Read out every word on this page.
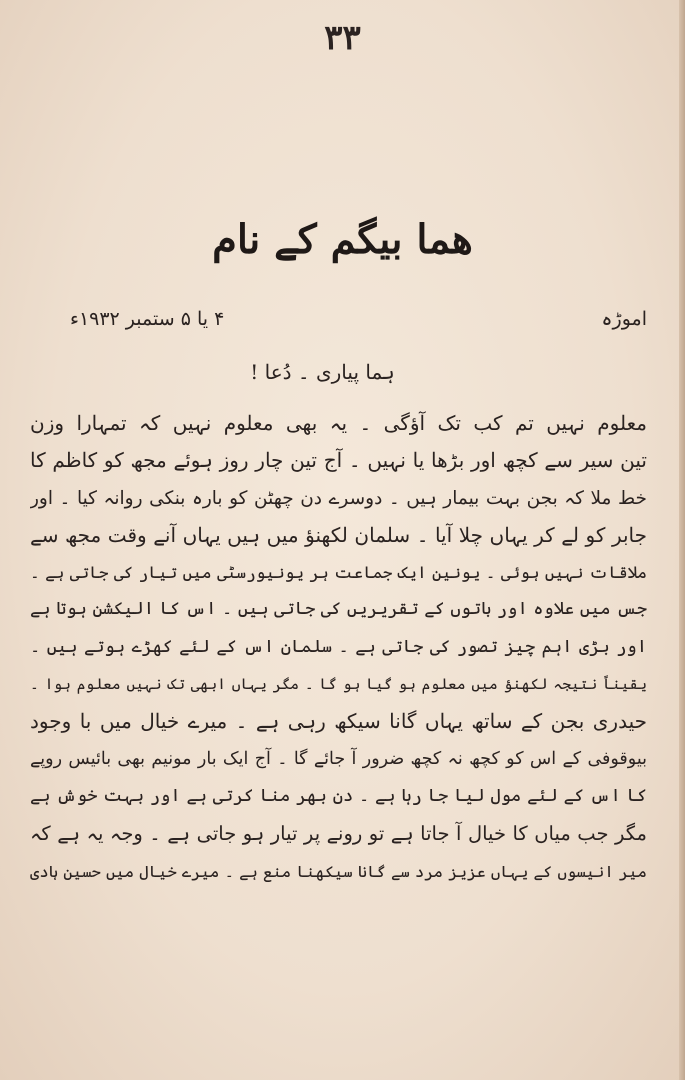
۳۳
ھما بیگم کے نام
اموڑہ
۴ یا ۵ ستمبر ۱۹۳۲ء
ہما پیاری ۔ دُعا !
معلوم نہیں تم کب تک آؤگی ۔ یہ بھی معلوم نہیں کہ تمہارا وزن
تین سیر سے کچھ اور بڑھا یا نہیں ۔ آج تین چار روز ہوئے مجھ کو کاظم کا
خط ملا کہ بجن بہت بیمار ہیں ۔ دوسرے دن چھٹن کو بارہ بنکی روانہ کیا ۔ اور
جابر کو لے کر یہاں چلا آیا ۔ سلمان لکھنؤ میں ہیں یہاں آنے وقت مجھ سے
ملاقات نہیں ہوئی ۔ یونین ایک جماعت ہر یونیورسٹی میں تیار کی جاتی ہے ۔
جس میں علاوہ اور باتوں کے تقریریں کی جاتی ہیں ۔ اس کا الیکشن ہوتا ہے
اور بڑی اہم چیز تصور کی جاتی ہے ۔ سلمان اس کے لئے کھڑے ہوتے ہیں ۔
یقیناً نتیجہ لکھنؤ میں معلوم ہو گیا ہو گا ۔ مگر یہاں ابھی تک نہیں معلوم ہوا ۔
حیدری بجن کے ساتھ یہاں گانا سیکھ رہی ہے ۔ میرے خیال میں با وجود
بیوقوفی کے اس کو کچھ نہ کچھ ضرور آ جائے گا ۔ آج ایک بار مونیم بھی بائیس روپے
کا اس کے لئے مول لیا جا رہا ہے ۔ دن بھر منا کرتی ہے اور بہت خوش ہے
مگر جب میاں کا خیال آ جاتا ہے تو رونے پر تیار ہو جاتی ہے ۔ وجہ یہ ہے کہ
میر انیسوں کے یہاں عزیز مرد سے گانا سیکھنا منع ہے ۔ میرے خیال میں حسین ہادی
